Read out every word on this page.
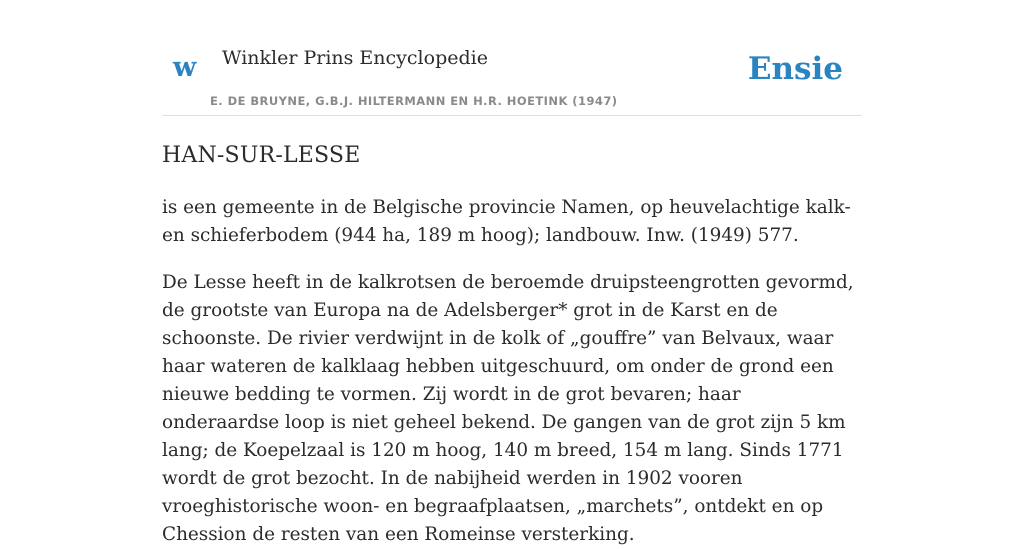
w Winkler Prins Encyclopedie
E. DE BRUYNE, G.B.J. HILTERMANN EN H.R. HOETINK (1947)
Ensie
HAN-SUR-LESSE

is een gemeente in de Belgische provincie Namen, op heuvelachtige kalk- en schieferbodem (944 ha, 189 m hoog); landbouw. Inw. (1949) 577.

De Lesse heeft in de kalkrotsen de beroemde druipsteengrotten gevormd, de grootste van Europa na de Adelsberger* grot in de Karst en de schoonste. De rivier verdwijnt in de kolk of „gouffre” van Belvaux, waar haar wateren de kalklaag hebben uitgeschuurd, om onder de grond een nieuwe bedding te vormen. Zij wordt in de grot bevaren; haar onderaardse loop is niet geheel bekend. De gangen van de grot zijn 5 km lang; de Koepelzaal is 120 m hoog, 140 m breed, 154 m lang. Sinds 1771 wordt de grot bezocht. In de nabijheid werden in 1902 vooren vroeghistorische woon- en begraafplaatsen, „marchets”, ontdekt en op Chession de resten van een Romeinse versterking.
